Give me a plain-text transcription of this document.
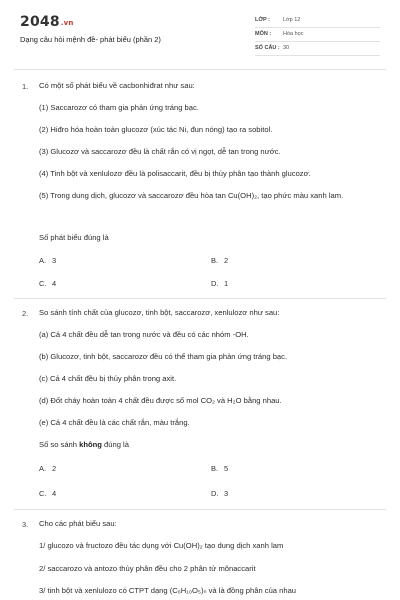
2048.vn
Dạng câu hỏi mệnh đề- phát biểu (phần 2)
LỚP : Lớp 12
MÔN : Hóa học
SỐ CÂU : 30
1. Có một số phát biểu về cacbonhiđrat như sau:
(1) Saccarozơ có tham gia phản ứng tráng bạc.
(2) Hiđro hóa hoàn toàn glucozơ (xúc tác Ni, đun nóng) tạo ra sobitol.
(3) Glucozơ và saccarozơ đều là chất rắn có vị ngọt, dễ tan trong nước.
(4) Tinh bột và xenlulozơ đều là polisaccarit, đều bị thủy phân tạo thành glucozơ.
(5) Trong dung dịch, glucozơ và saccarozơ đều hòa tan Cu(OH)₂, tạo phức màu xanh lam.
Số phát biểu đúng là
A. 3	B. 2
C. 4	D. 1
2. So sánh tính chất của glucozơ, tinh bột, saccarozơ, xenlulozơ như sau:
(a) Cả 4 chất đều dễ tan trong nước và đều có các nhóm -OH.
(b) Glucozơ, tinh bột, saccarozơ đều có thể tham gia phản ứng tráng bạc.
(c) Cả 4 chất đều bị thủy phân trong axit.
(d) Đốt cháy hoàn toàn 4 chất đều được số mol CO₂ và H₂O bằng nhau.
(e) Cả 4 chất đều là các chất rắn, màu trắng.
Số so sánh không đúng là
A. 2	B. 5
C. 4	D. 3
3. Cho các phát biểu sau:
1/ glucozo và fructozo đều tác dụng với Cu(OH)₂ tạo dung dịch xanh lam
2/ saccarozo và antozo thủy phân đều cho 2 phân tử mônaccarit
3/ tinh bột và xenlulozo có CTPT dạng (C₆H₁₀O₅)ₙ và là đồng phân của nhau
